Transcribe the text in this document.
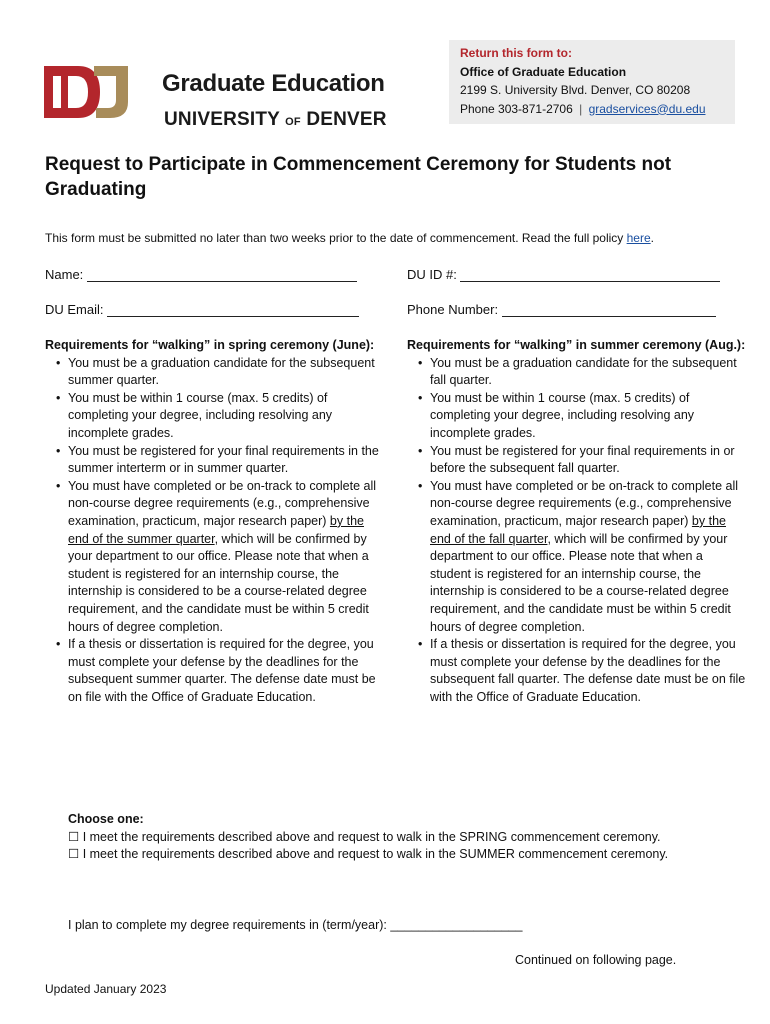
Graduate Education
UNIVERSITY OF DENVER
Return this form to:
Office of Graduate Education
2199 S. University Blvd. Denver, CO 80208
Phone 303-871-2706 | gradservices@du.edu
Request to Participate in Commencement Ceremony for Students not Graduating
This form must be submitted no later than two weeks prior to the date of commencement. Read the full policy here.
Name:	DU ID #:
DU Email:	Phone Number:
Requirements for “walking” in spring ceremony (June):
• You must be a graduation candidate for the subsequent summer quarter.
• You must be within 1 course (max. 5 credits) of completing your degree, including resolving any incomplete grades.
• You must be registered for your final requirements in the summer interterm or in summer quarter.
• You must have completed or be on-track to complete all non-course degree requirements (e.g., comprehensive examination, practicum, major research paper) by the end of the summer quarter, which will be confirmed by your department to our office. Please note that when a student is registered for an internship course, the internship is considered to be a course-related degree requirement, and the candidate must be within 5 credit hours of degree completion.
• If a thesis or dissertation is required for the degree, you must complete your defense by the deadlines for the subsequent summer quarter. The defense date must be on file with the Office of Graduate Education.
Requirements for “walking” in summer ceremony (Aug.):
• You must be a graduation candidate for the subsequent fall quarter.
• You must be within 1 course (max. 5 credits) of completing your degree, including resolving any incomplete grades.
• You must be registered for your final requirements in or before the subsequent fall quarter.
• You must have completed or be on-track to complete all non-course degree requirements (e.g., comprehensive examination, practicum, major research paper) by the end of the fall quarter, which will be confirmed by your department to our office. Please note that when a student is registered for an internship course, the internship is considered to be a course-related degree requirement, and the candidate must be within 5 credit hours of degree completion.
• If a thesis or dissertation is required for the degree, you must complete your defense by the deadlines for the subsequent fall quarter. The defense date must be on file with the Office of Graduate Education.
Choose one:
☐ I meet the requirements described above and request to walk in the SPRING commencement ceremony.
☐ I meet the requirements described above and request to walk in the SUMMER commencement ceremony.
I plan to complete my degree requirements in (term/year): ___________________
Continued on following page.
Updated January 2023
